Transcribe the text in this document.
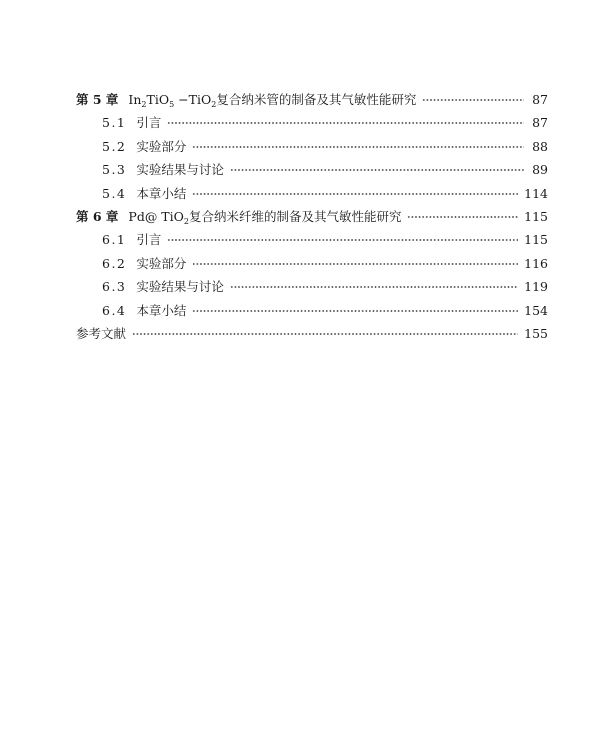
第 5 章 $In_2TiO_5 -TiO_2$复合纳米管的制备及其气敏性能研究	87
5.1 引言	87
5.2 实验部分	88
5.3 实验结果与讨论	89
5.4 本章小结	114
第 6 章 Pd@ TiO$_2$复合纳米纤维的制备及其气敏性能研究	115
6.1 引言	115
6.2 实验部分	116
6.3 实验结果与讨论	119
6.4 本章小结	154
参考文献	155
